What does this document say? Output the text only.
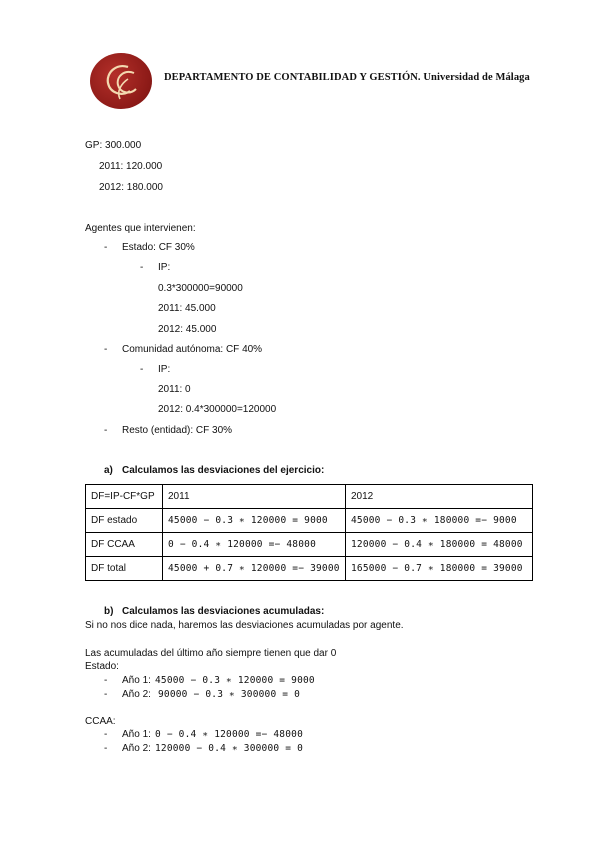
DEPARTAMENTO DE CONTABILIDAD Y GESTIÓN. Universidad de Málaga
GP: 300.000
2011: 120.000
2012: 180.000
Agentes que intervienen:
- Estado: CF 30%
- IP:
0.3*300000=90000
2011: 45.000
2012: 45.000
- Comunidad autónoma: CF 40%
- IP:
2011: 0
2012: 0.4*300000=120000
- Resto (entidad): CF 30%
a) Calculamos las desviaciones del ejercicio:
DF=IP-CF*GP	2011	2012
DF estado	45000 − 0.3 ∗ 120000 = 9000	45000 − 0.3 ∗ 180000 =− 9000
DF CCAA	0 − 0.4 ∗ 120000 =− 48000	120000 − 0.4 ∗ 180000 = 48000
DF total	45000 + 0.7 ∗ 120000 =− 39000	165000 − 0.7 ∗ 180000 = 39000
b) Calculamos las desviaciones acumuladas:
Si no nos dice nada, haremos las desviaciones acumuladas por agente.
Las acumuladas del último año siempre tienen que dar 0
Estado:
- Año 1: 45000 − 0.3 ∗ 120000 = 9000
- Año 2: 90000 − 0.3 ∗ 300000 = 0
CCAA:
- Año 1: 0 − 0.4 ∗ 120000 =− 48000
- Año 2: 120000 − 0.4 ∗ 300000 = 0
